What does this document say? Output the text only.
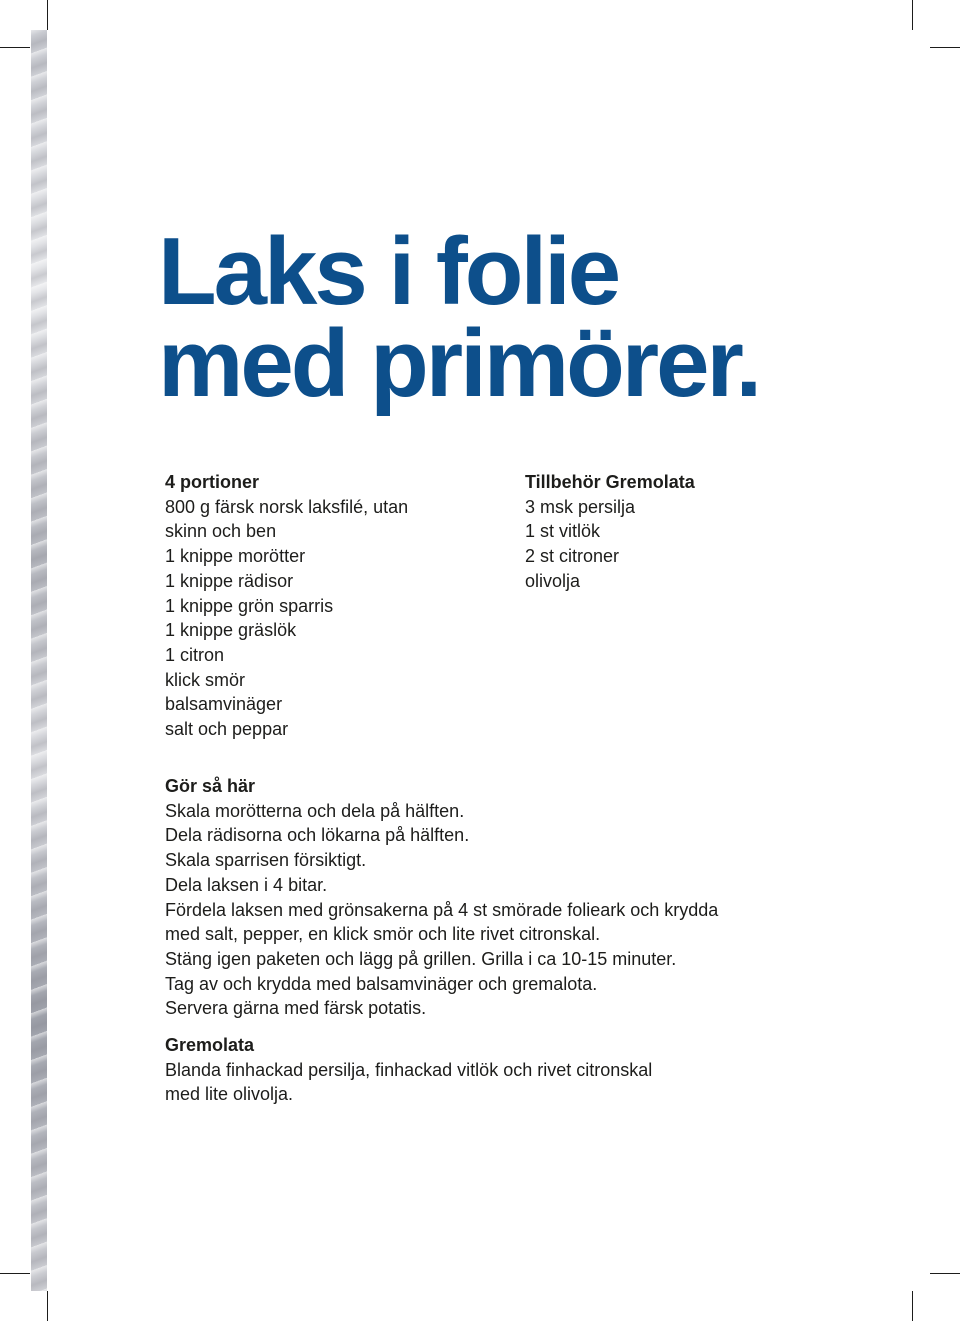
Laks i folie
med primörer.
4 portioner
800 g färsk norsk laksfilé, utan skinn och ben
1 knippe morötter
1 knippe rädisor
1 knippe grön sparris
1 knippe gräslök
1 citron
klick smör
balsamvinäger
salt och peppar
Tillbehör Gremolata
3 msk persilja
1 st vitlök
2 st citroner
olivolja
Gör så här
Skala morötterna och dela på hälften.
Dela rädisorna och lökarna på hälften.
Skala sparrisen försiktigt.
Dela laksen i 4 bitar.
Fördela laksen med grönsakerna på 4 st smörade folieark och krydda
med salt, pepper, en klick smör och lite rivet citronskal.
Stäng igen paketen och lägg på grillen. Grilla i ca 10-15 minuter.
Tag av och krydda med balsamvinäger och gremalota.
Servera gärna med färsk potatis.
Gremolata
Blanda finhackad persilja, finhackad vitlök och rivet citronskal
med lite olivolja.
